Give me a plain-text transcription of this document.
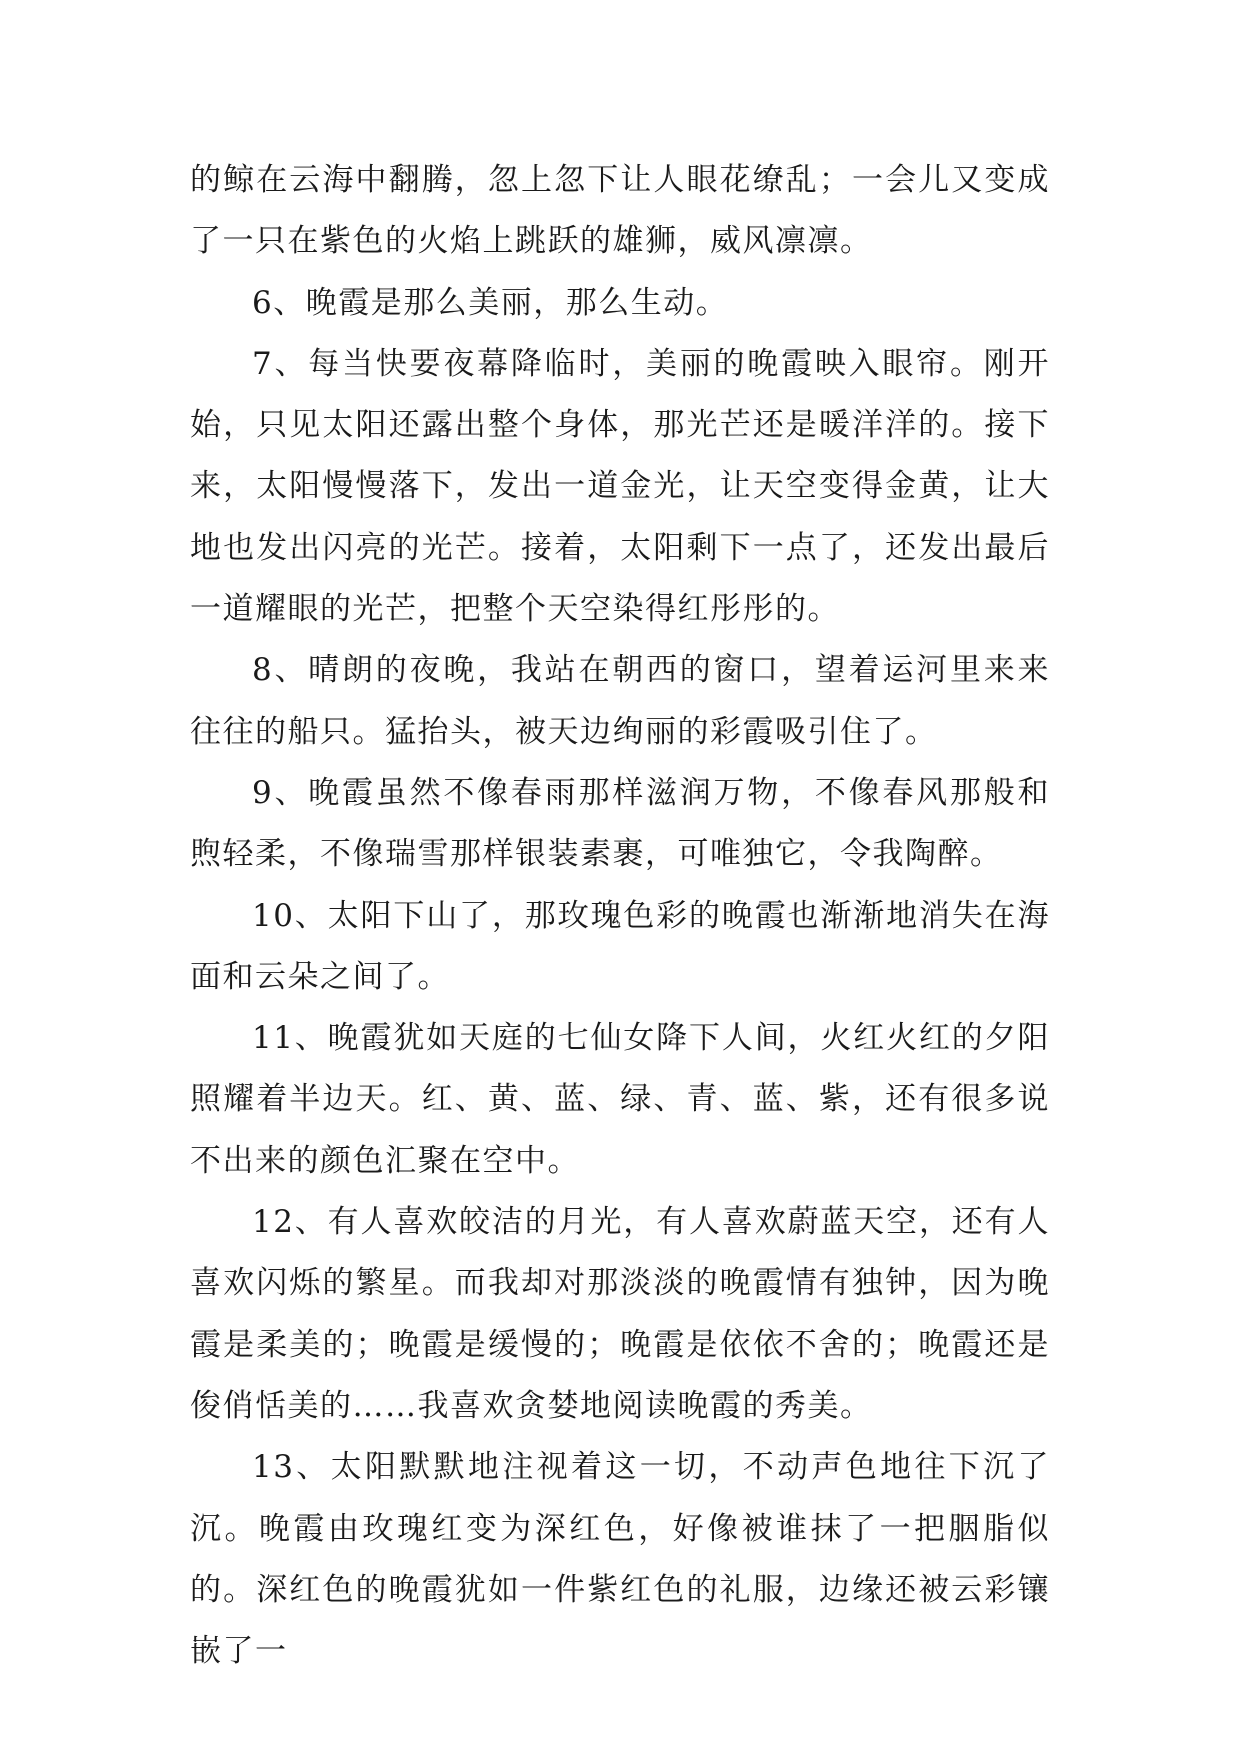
的鲸在云海中翻腾，忽上忽下让人眼花缭乱；一会儿又变成了一只在紫色的火焰上跳跃的雄狮，威风凛凛。

6、晚霞是那么美丽，那么生动。

7、每当快要夜幕降临时，美丽的晚霞映入眼帘。刚开始，只见太阳还露出整个身体，那光芒还是暖洋洋的。接下来，太阳慢慢落下，发出一道金光，让天空变得金黄，让大地也发出闪亮的光芒。接着，太阳剩下一点了，还发出最后一道耀眼的光芒，把整个天空染得红彤彤的。

8、晴朗的夜晚，我站在朝西的窗口，望着运河里来来往往的船只。猛抬头，被天边绚丽的彩霞吸引住了。

9、晚霞虽然不像春雨那样滋润万物，不像春风那般和煦轻柔，不像瑞雪那样银装素裹，可唯独它，令我陶醉。

10、太阳下山了，那玫瑰色彩的晚霞也渐渐地消失在海面和云朵之间了。

11、晚霞犹如天庭的七仙女降下人间，火红火红的夕阳照耀着半边天。红、黄、蓝、绿、青、蓝、紫，还有很多说不出来的颜色汇聚在空中。

12、有人喜欢皎洁的月光，有人喜欢蔚蓝天空，还有人喜欢闪烁的繁星。而我却对那淡淡的晚霞情有独钟，因为晚霞是柔美的；晚霞是缓慢的；晚霞是依依不舍的；晚霞还是俊俏恬美的……我喜欢贪婪地阅读晚霞的秀美。

13、太阳默默地注视着这一切，不动声色地往下沉了沉。晚霞由玫瑰红变为深红色，好像被谁抹了一把胭脂似的。深红色的晚霞犹如一件紫红色的礼服，边缘还被云彩镶嵌了一
